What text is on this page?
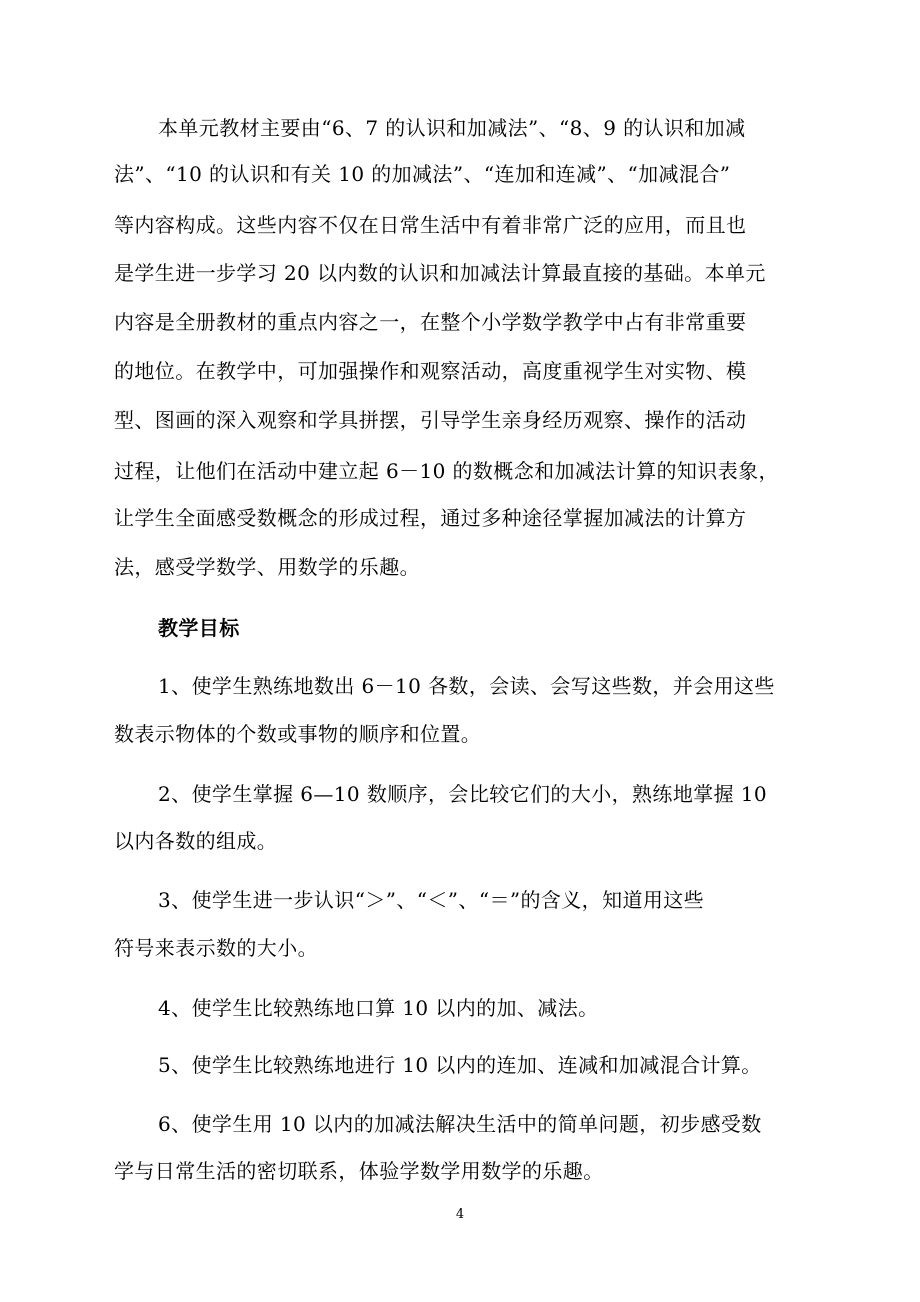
本单元教材主要由“6、7 的认识和加减法”、“8、9 的认识和加减
法”、“10 的认识和有关 10 的加减法”、“连加和连减”、“加减混合”
等内容构成。这些内容不仅在日常生活中有着非常广泛的应用，而且也
是学生进一步学习 20 以内数的认识和加减法计算最直接的基础。本单元
内容是全册教材的重点内容之一，在整个小学数学教学中占有非常重要
的地位。在教学中，可加强操作和观察活动，高度重视学生对实物、模
型、图画的深入观察和学具拼摆，引导学生亲身经历观察、操作的活动
过程，让他们在活动中建立起 6－10 的数概念和加减法计算的知识表象，
让学生全面感受数概念的形成过程，通过多种途径掌握加减法的计算方
法，感受学数学、用数学的乐趣。
教学目标
1、使学生熟练地数出 6－10 各数，会读、会写这些数，并会用这些
数表示物体的个数或事物的顺序和位置。
2、使学生掌握 6—10 数顺序，会比较它们的大小，熟练地掌握 10
以内各数的组成。
3、使学生进一步认识“＞”、“＜”、“＝”的含义，知道用这些
符号来表示数的大小。
4、使学生比较熟练地口算 10 以内的加、减法。
5、使学生比较熟练地进行 10 以内的连加、连减和加减混合计算。
6、使学生用 10 以内的加减法解决生活中的简单问题，初步感受数
学与日常生活的密切联系，体验学数学用数学的乐趣。
4
